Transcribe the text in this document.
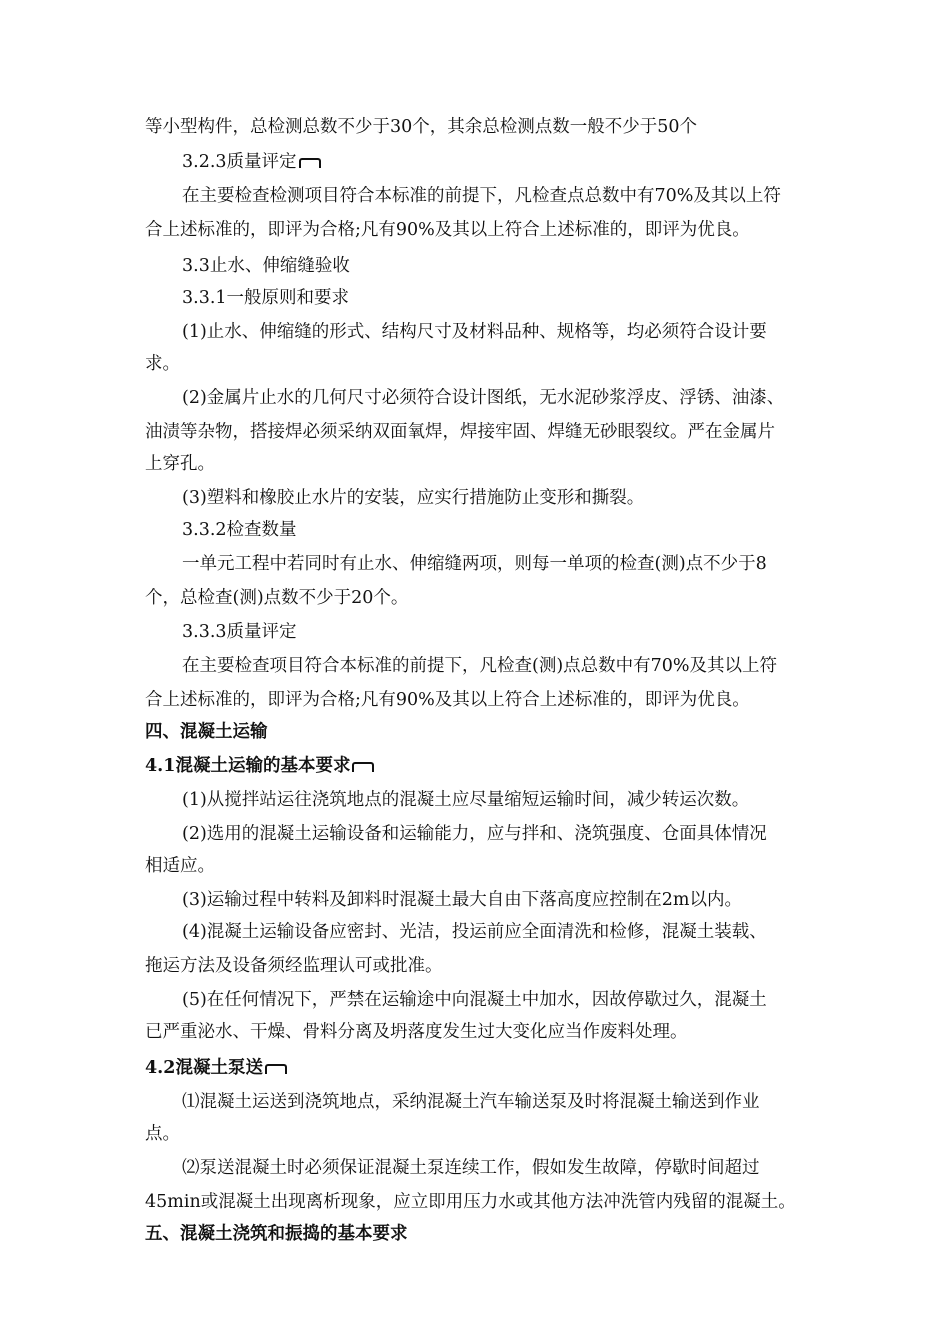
等小型构件，总检测总数不少于30个，其余总检测点数一般不少于50个
3.2.3质量评定
在主要检查检测项目符合本标准的前提下，凡检查点总数中有70%及其以上符
合上述标准的，即评为合格;凡有90%及其以上符合上述标准的，即评为优良。
3.3止水、伸缩缝验收
3.3.1一般原则和要求
(1)止水、伸缩缝的形式、结构尺寸及材料品种、规格等，均必须符合设计要
求。
(2)金属片止水的几何尺寸必须符合设计图纸，无水泥砂浆浮皮、浮锈、油漆、
油渍等杂物，搭接焊必须采纳双面氧焊，焊接牢固、焊缝无砂眼裂纹。严在金属片
上穿孔。
(3)塑料和橡胶止水片的安装，应实行措施防止变形和撕裂。
3.3.2检查数量
一单元工程中若同时有止水、伸缩缝两项，则每一单项的检查(测)点不少于8
个，总检查(测)点数不少于20个。
3.3.3质量评定
在主要检查项目符合本标准的前提下，凡检查(测)点总数中有70%及其以上符
合上述标准的，即评为合格;凡有90%及其以上符合上述标准的，即评为优良。
四、混凝土运输
4.1混凝土运输的基本要求
(1)从搅拌站运往浇筑地点的混凝土应尽量缩短运输时间，减少转运次数。
(2)选用的混凝土运输设备和运输能力，应与拌和、浇筑强度、仓面具体情况
相适应。
(3)运输过程中转料及卸料时混凝土最大自由下落高度应控制在2m以内。
(4)混凝土运输设备应密封、光洁，投运前应全面清洗和检修，混凝土装载、
拖运方法及设备须经监理认可或批准。
(5)在任何情况下，严禁在运输途中向混凝土中加水，因故停歇过久，混凝土
已严重泌水、干燥、骨料分离及坍落度发生过大变化应当作废料处理。
4.2混凝土泵送
⑴混凝土运送到浇筑地点，采纳混凝土汽车输送泵及时将混凝土输送到作业
点。
⑵泵送混凝土时必须保证混凝土泵连续工作，假如发生故障，停歇时间超过
45min或混凝土出现离析现象，应立即用压力水或其他方法冲洗管内残留的混凝土。
五、混凝土浇筑和振捣的基本要求
